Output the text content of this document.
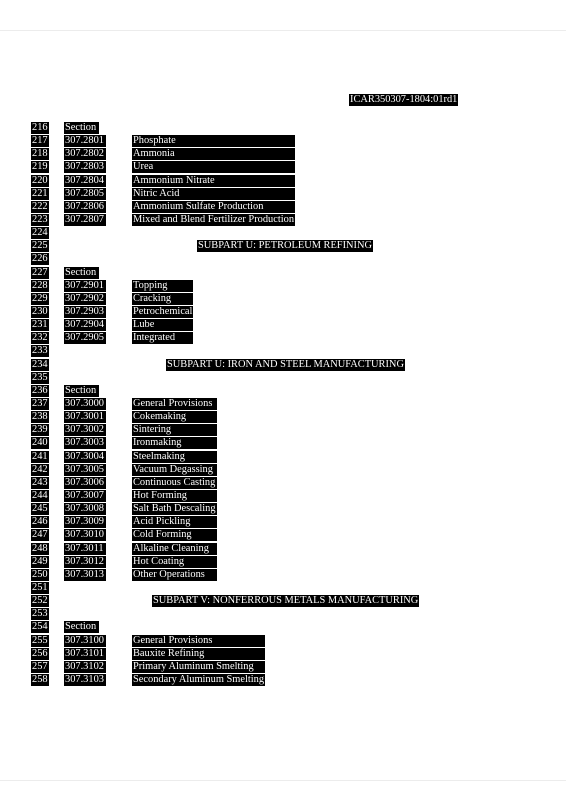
ICAR350307-1804:01rd1
216 Section
217 307.2801	Phosphate
218 307.2802	Ammonia
219 307.2803	Urea
220 307.2804	Ammonium Nitrate
221 307.2805	Nitric Acid
222 307.2806	Ammonium Sulfate Production
223 307.2807	Mixed and Blend Fertilizer Production
224
225	SUBPART U: PETROLEUM REFINING
226
227 Section
228 307.2901	Topping
229 307.2902	Cracking
230 307.2903	Petrochemical
231 307.2904	Lube
232 307.2905	Integrated
233
234	SUBPART U: IRON AND STEEL MANUFACTURING
235
236 Section
237 307.3000	General Provisions
238 307.3001	Cokemaking
239 307.3002	Sintering
240 307.3003	Ironmaking
241 307.3004	Steelmaking
242 307.3005	Vacuum Degassing
243 307.3006	Continuous Casting
244 307.3007	Hot Forming
245 307.3008	Salt Bath Descaling
246 307.3009	Acid Pickling
247 307.3010	Cold Forming
248 307.3011	Alkaline Cleaning
249 307.3012	Hot Coating
250 307.3013	Other Operations
251
252	SUBPART V: NONFERROUS METALS MANUFACTURING
253
254 Section
255 307.3100	General Provisions
256 307.3101	Bauxite Refining
257 307.3102	Primary Aluminum Smelting
258 307.3103	Secondary Aluminum Smelting
